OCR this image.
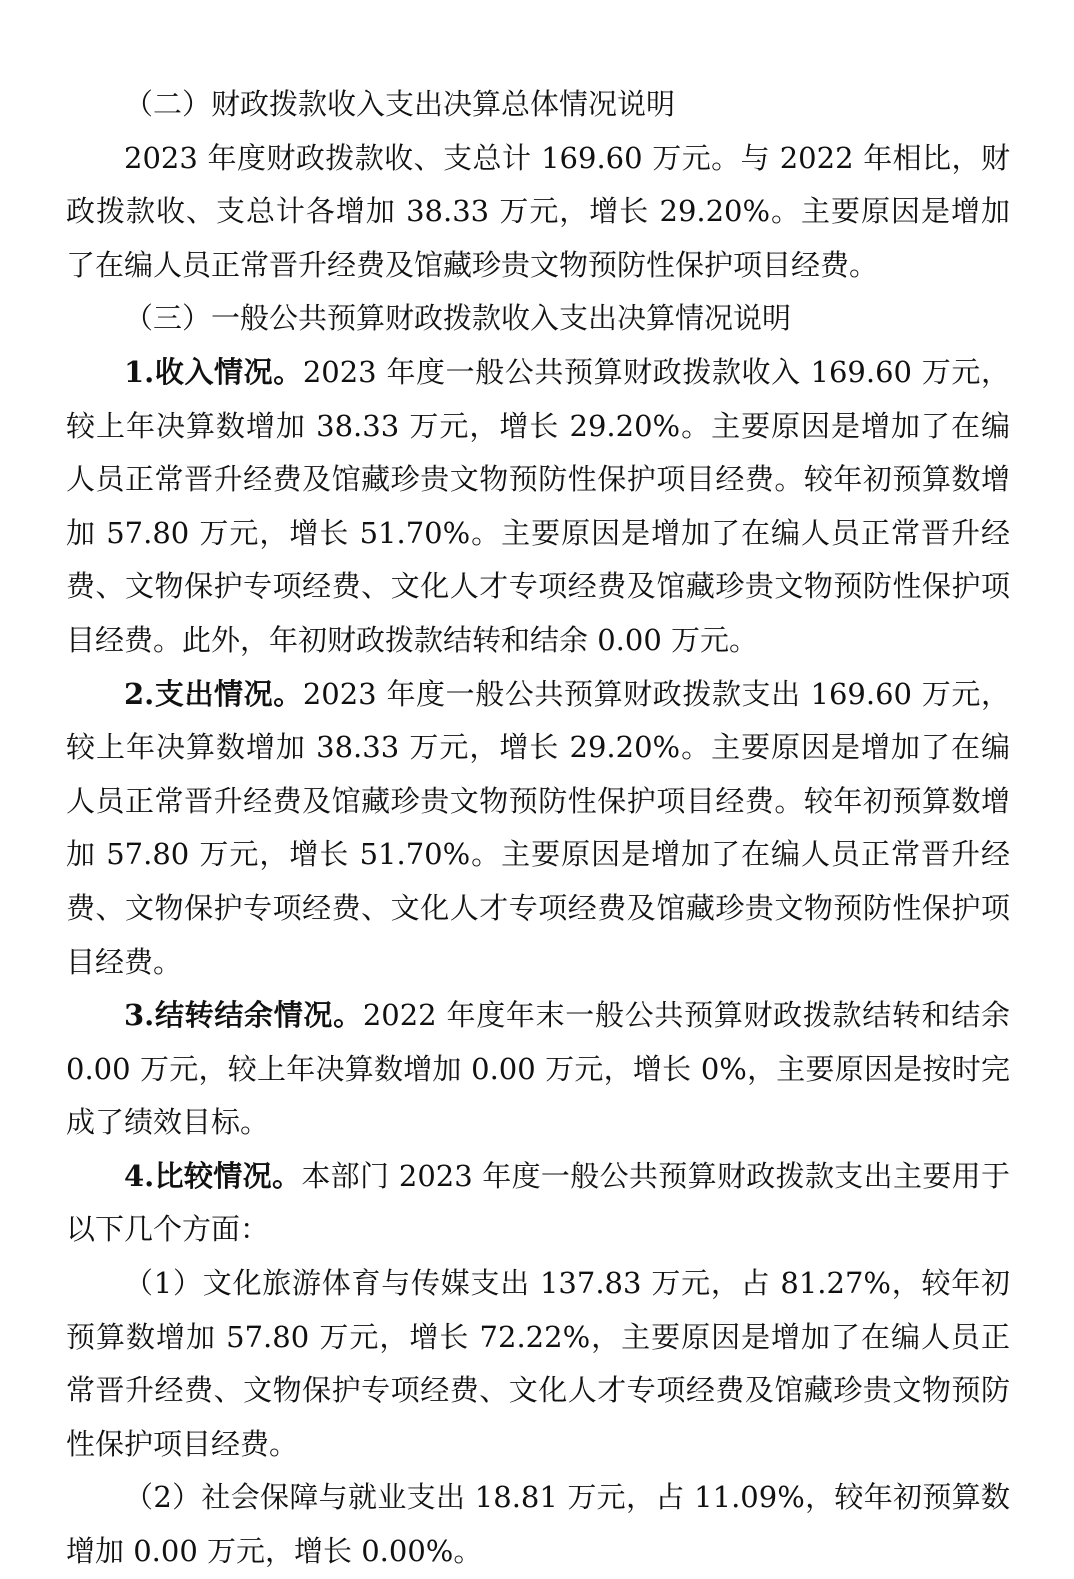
（二）财政拨款收入支出决算总体情况说明

2023 年度财政拨款收、支总计 169.60 万元。与 2022 年相比，财政拨款收、支总计各增加 38.33 万元，增长 29.20%。主要原因是增加了在编人员正常晋升经费及馆藏珍贵文物预防性保护项目经费。

（三）一般公共预算财政拨款收入支出决算情况说明

1.收入情况。2023 年度一般公共预算财政拨款收入 169.60 万元，较上年决算数增加 38.33 万元，增长 29.20%。主要原因是增加了在编人员正常晋升经费及馆藏珍贵文物预防性保护项目经费。较年初预算数增加 57.80 万元，增长 51.70%。主要原因是增加了在编人员正常晋升经费、文物保护专项经费、文化人才专项经费及馆藏珍贵文物预防性保护项目经费。此外，年初财政拨款结转和结余 0.00 万元。

2.支出情况。2023 年度一般公共预算财政拨款支出 169.60 万元，较上年决算数增加 38.33 万元，增长 29.20%。主要原因是增加了在编人员正常晋升经费及馆藏珍贵文物预防性保护项目经费。较年初预算数增加 57.80 万元，增长 51.70%。主要原因是增加了在编人员正常晋升经费、文物保护专项经费、文化人才专项经费及馆藏珍贵文物预防性保护项目经费。

3.结转结余情况。2022 年度年末一般公共预算财政拨款结转和结余 0.00 万元，较上年决算数增加 0.00 万元，增长 0%，主要原因是按时完成了绩效目标。

4.比较情况。本部门 2023 年度一般公共预算财政拨款支出主要用于以下几个方面：

（1）文化旅游体育与传媒支出 137.83 万元，占 81.27%，较年初预算数增加 57.80 万元，增长 72.22%，主要原因是增加了在编人员正常晋升经费、文物保护专项经费、文化人才专项经费及馆藏珍贵文物预防性保护项目经费。

（2）社会保障与就业支出 18.81 万元，占 11.09%，较年初预算数增加 0.00 万元，增长 0.00%。
